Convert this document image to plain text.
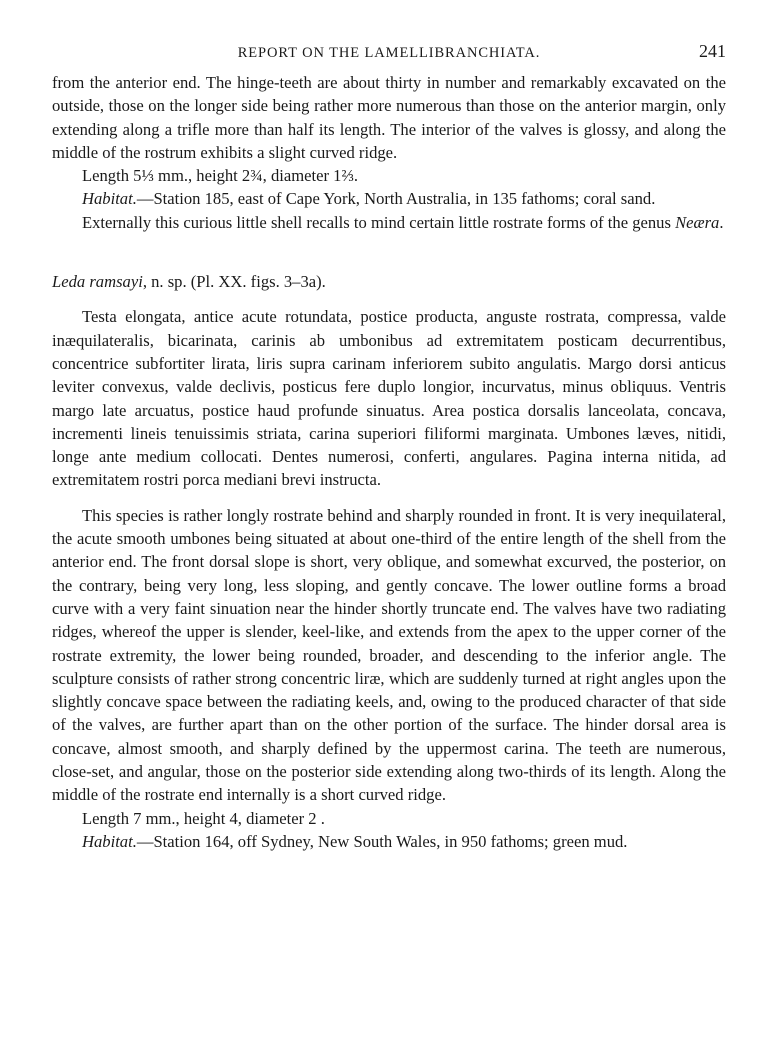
REPORT ON THE LAMELLIBRANCHIATA.	241

from the anterior end. The hinge-teeth are about thirty in number and remarkably excavated on the outside, those on the longer side being rather more numerous than those on the anterior margin, only extending along a trifle more than half its length. The interior of the valves is glossy, and along the middle of the rostrum exhibits a slight curved ridge.

Length 5⅓ mm., height 2¾, diameter 1⅔.

Habitat.—Station 185, east of Cape York, North Australia, in 135 fathoms; coral sand.

Externally this curious little shell recalls to mind certain little rostrate forms of the genus Neæra.

Leda ramsayi, n. sp. (Pl. XX. figs. 3–3a).

Testa elongata, antice acute rotundata, postice producta, anguste rostrata, compressa, valde inæquilateralis, bicarinata, carinis ab umbonibus ad extremitatem posticam decurrentibus, concentrice subfortiter lirata, liris supra carinam inferiorem subito angulatis. Margo dorsi anticus leviter convexus, valde declivis, posticus fere duplo longior, incurvatus, minus obliquus. Ventris margo late arcuatus, postice haud profunde sinuatus. Area postica dorsalis lanceolata, concava, incrementi lineis tenuissimis striata, carina superiori filiformi marginata. Umbones læves, nitidi, longe ante medium collocati. Dentes numerosi, conferti, angulares. Pagina interna nitida, ad extremitatem rostri porca mediani brevi instructa.

This species is rather longly rostrate behind and sharply rounded in front. It is very inequilateral, the acute smooth umbones being situated at about one-third of the entire length of the shell from the anterior end. The front dorsal slope is short, very oblique, and somewhat excurved, the posterior, on the contrary, being very long, less sloping, and gently concave. The lower outline forms a broad curve with a very faint sinuation near the hinder shortly truncate end. The valves have two radiating ridges, whereof the upper is slender, keel-like, and extends from the apex to the upper corner of the rostrate extremity, the lower being rounded, broader, and descending to the inferior angle. The sculpture consists of rather strong concentric liræ, which are suddenly turned at right angles upon the slightly concave space between the radiating keels, and, owing to the produced character of that side of the valves, are further apart than on the other portion of the surface. The hinder dorsal area is concave, almost smooth, and sharply defined by the uppermost carina. The teeth are numerous, close-set, and angular, those on the posterior side extending along two-thirds of its length. Along the middle of the rostrate end internally is a short curved ridge.

Length 7 mm., height 4, diameter 2 .

Habitat.—Station 164, off Sydney, New South Wales, in 950 fathoms; green mud.
